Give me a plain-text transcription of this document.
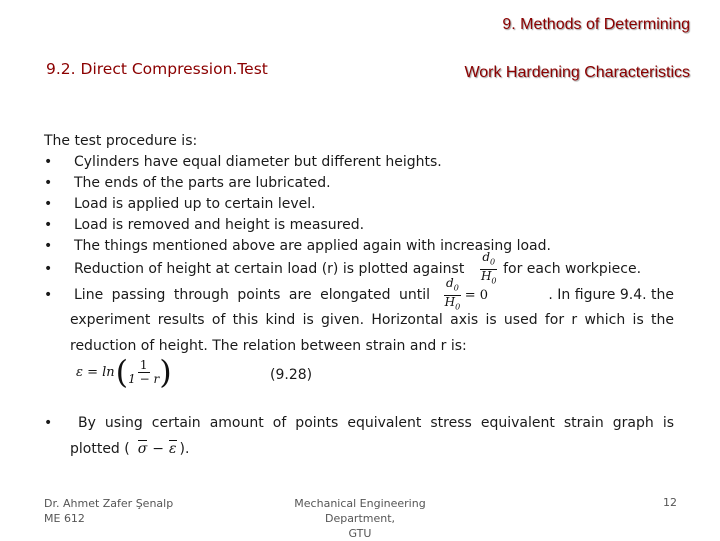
9. Methods of Determining
9.2. Direct Compression.Test	Work Hardening Characteristics
The test procedure is:
• Cylinders have equal diameter but different heights.
• The ends of the parts are lubricated.
• Load is applied up to certain level.
• Load is removed and height is measured.
• The things mentioned above are applied again with increasing load.
•	Reduction of height at certain load (r) is plotted against $\frac{d_0}{H_0}$ for each workpiece.
•	Line passing through points are elongated until $\frac{d_0}{H_0} = 0$	. In figure 9.4. the
experiment results of this kind is given. Horizontal axis is used for r which is the
reduction of height. The relation between strain and r is:
ε = ln ( $\frac{1}{1 - r}$ )	(9.28)
•	By using certain amount of points equivalent stress equivalent strain graph is
plotted ( σ − ε ).
Dr. Ahmet Zafer Şenalp
ME 612
Mechanical Engineering Department,
GTU
12
